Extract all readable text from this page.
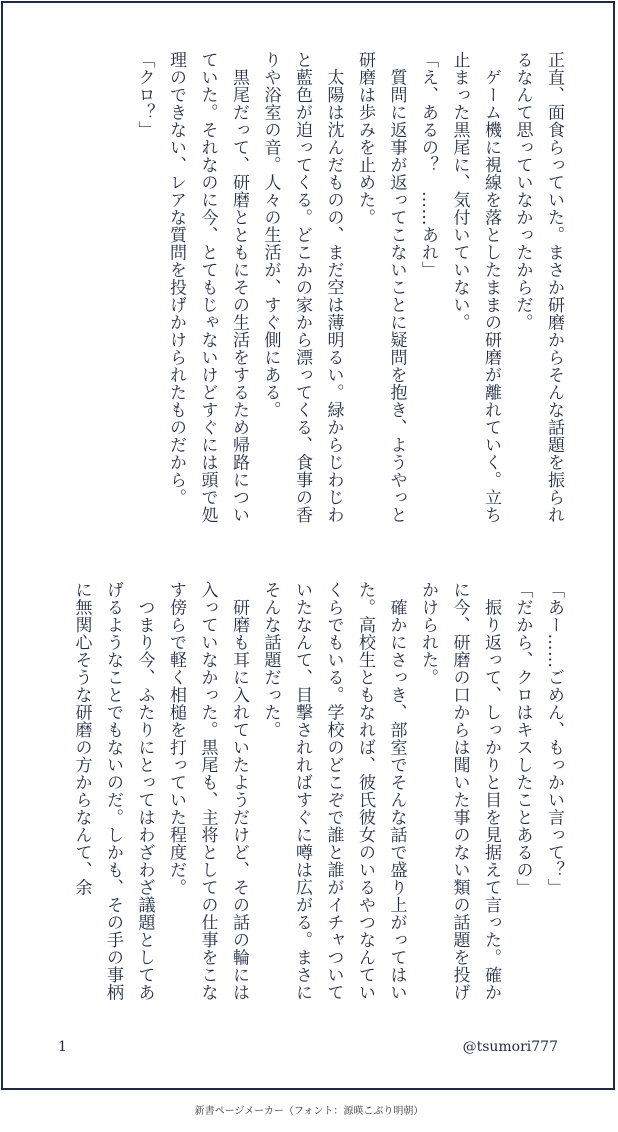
正直、面食らっていた。まさか研磨からそんな話題を振られるなんて思っていなかったからだ。

　ゲーム機に視線を落としたままの研磨が離れていく。立ち止まった黒尾に、気付いていない。

「え、あるの？　……あれ」

　質問に返事が返ってこないことに疑問を抱き、ようやっと研磨は歩みを止めた。

　太陽は沈んだものの、まだ空は薄明るい。緑からじわじわと藍色が迫ってくる。どこかの家から漂ってくる、食事の香りや浴室の音。人々の生活が、すぐ側にある。

　黒尾だって、研磨とともにその生活をするため帰路についていた。それなのに今、とてもじゃないけどすぐには頭で処理のできない、レアな質問を投げかけられたものだから。

「クロ？」

「あー……ごめん、もっかい言って？」

「だから、クロはキスしたことあるの」

　振り返って、しっかりと目を見据えて言った。確かに今、研磨の口からは聞いた事のない類の話題を投げかけられた。

　確かにさっき、部室でそんな話で盛り上がってはいた。高校生ともなれば、彼氏彼女のいるやつなんていくらでもいる。学校のどこぞで誰と誰がイチャついていたなんて、目撃されればすぐに噂は広がる。まさにそんな話題だった。

　研磨も耳に入れていたようだけど、その話の輪には入っていなかった。黒尾も、主将としての仕事をこなす傍らで軽く相槌を打っていた程度だ。

　つまり今、ふたりにとってはわざわざ議題としてあげるようなことでもないのだ。しかも、その手の事柄に無関心そうな研磨の方からなんて、余

1	@tsumori777
新書ページメーカー（フォント：源暎こぶり明朝）
